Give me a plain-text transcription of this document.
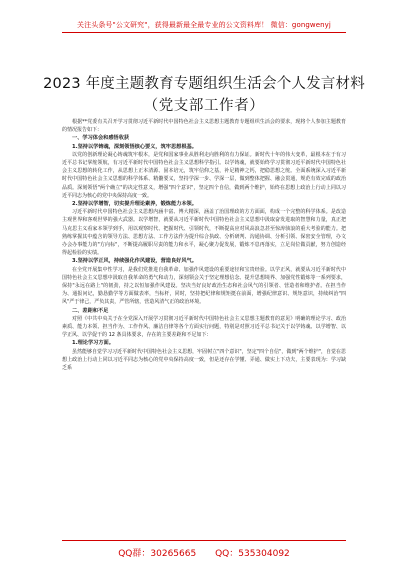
关注头条号"公文研究"，获得最新最全最专业的公文资料库！ 微信：gongwenyj
2023 年度主题教育专题组织生活会个人发言材料
（党支部工作者）

根据**党委有关召开学习贯彻习近平新时代中国特色社会主义思想主题教育专题组织生活会的要求，现将个人参加主题教育的情况报告如下：

一、学习体会和感悟收获
1.坚持以学铸魂，深刻领悟核心要义，筑牢思想根基。

以党的创新理论凝心铸魂筑牢根本，是党和国家事业从胜利走向胜利的有力保证。新时代十年的伟大变革，最根本在于有习近平总书记掌舵领航，有习近平新时代中国特色社会主义思想科学指引。以学铸魂，就要始终学习贯彻习近平新时代中国特色社会主义思想的转化工作，从思想上正本清源、固本培元，筑牢信仰之基，补足精神之钙，把稳思想之舵。全面系统深入习近平新时代中国特色社会主义思想的科学体系、精髓要义，坚持学深一步、学深一层，做到整体把握、融会贯通，规范有效完成的政治品质。深刻领悟"两个确立"的决定性意义，增强"四个意识"，坚定四个自信，做到两个维护，始终在思想上政治上行动上同以习近平同志为核心的党中央保持高度一致。

2.坚持以学增智，切实提升理论素养，锻炼能力本领。

习近平新时代中国特色社会主义思想内涵丰富、博大精深，涵盖了治国理政的方方面面，构成一个完整的科学体系。是改造主观世界和客观世界的强大武器。以学增智，就要从习近平新时代中国特色社会主义思想中汲取奋发进取的智慧和力量，真正把马克思主义看家本领学到手，用以观察时代、把握时代、引领时代，不断提高应对风高浪急甚至惊涛骇浪的重大考验的能力。把熟练掌握其中蕴含的领导方法、思想方法、工作方法作为提升综合执政、分析研判、沟通协调、分析引领、保密安全管理，办文办会办事能力的"方向标"，不断提高履职尽责的能力和水平，凝心聚力促发展，锻炼不息再落实，立足岗位做贡献，努力创造经得起检验的实绩。

3.坚持以学正风，持续强化作风建设，营造良好风气。

在全党开展集中性学习，是我们党推进自我革命、加强作风建设的重要途径和宝贵经验。以学正风，就要从习近平新时代中国特色社会主义思想中汲取自我革命的勇气和动力，深刻领会关于坚定理想信念、提升思想境界、加强党性锻炼等一系列要求，保持"永远在路上"的韧劲，持之以恒加强作风建设。坚决当好良好政治生态和社会风气的引领者、营造者和维护者。在担当作为、通报问记，勤恳勤学等方面做表率，当标杆，同时，坚持把纪律和规矩挺在前面，增强纪律意识、规矩意识，持续纠治"四风"严于律己，严负其责，严管所辖，营造风清气正的政治环境。

二、差距和不足

对照《中共中央关于在全党深入开展学习贯彻习近平新时代中国特色社会主义思想主题教育的意见》明确的理论学习、政治素质、能力本领、担当作为、工作作风、廉洁自律等各个方面实行问题，特别是对照习近平总书记关于以学铸魂、以学增智、以学正风、以学促干的 12 条具体要求，存在的主要差距和不足如下：

1.理论学习方面。

虽然能够自觉学习习近平新时代中国特色社会主义思想，牢固树立"四个意识"，坚定"四个自信"，做到"两个维护"，自觉在思想上政治上行动上同以习近平同志为核心的党中央保持高度一致，但是还存在学懂、弄通、做实上下功夫，主要表现为：学习缺乏系

QQ群：30265665 QQ：535304092
